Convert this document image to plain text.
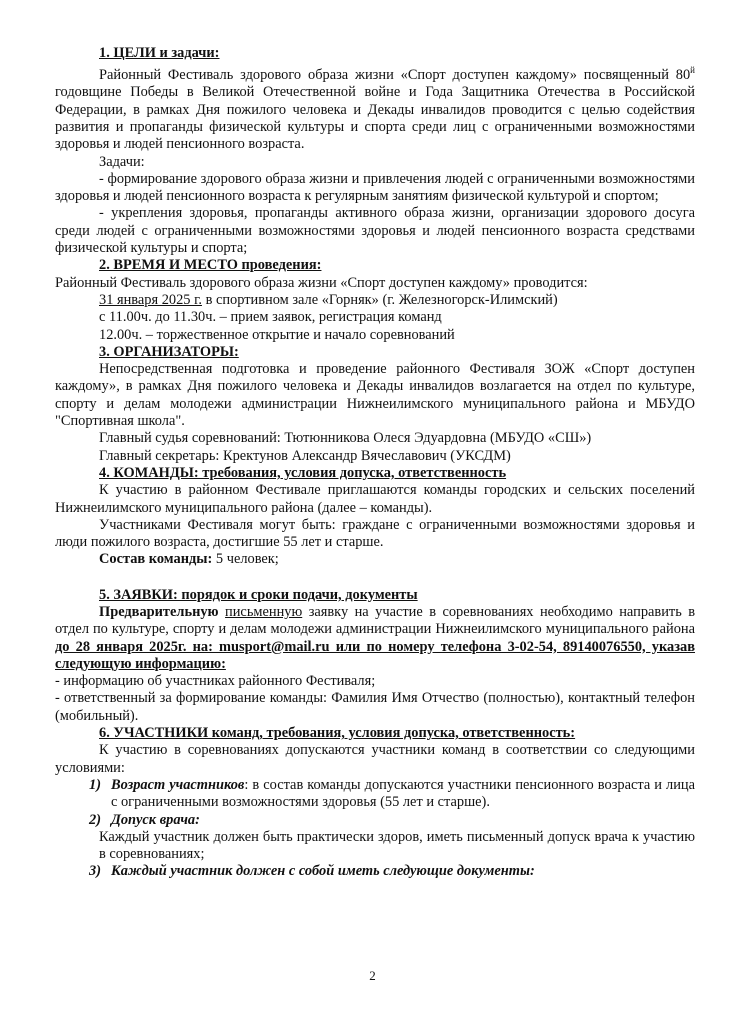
1. ЦЕЛИ и задачи:

Районный Фестиваль здорового образа жизни «Спорт доступен каждому» посвященный $80^й$ годовщине Победы в Великой Отечественной войне и Года Защитника Отечества в Российской Федерации, в рамках Дня пожилого человека и Декады инвалидов проводится с целью содействия развития и пропаганды физической культуры и спорта среди лиц с ограниченными возможностями здоровья и людей пенсионного возраста.

Задачи:

- формирование здорового образа жизни и привлечения людей с ограниченными возможностями здоровья и людей пенсионного возраста к регулярным занятиям физической культурой и спортом;

- укрепления здоровья, пропаганды активного образа жизни, организации здорового досуга среди людей с ограниченными возможностями здоровья и людей пенсионного возраста средствами физической культуры и спорта;

2. ВРЕМЯ И МЕСТО проведения:

Районный Фестиваль здорового образа жизни «Спорт доступен каждому» проводится:

31 января 2025 г. в спортивном зале «Горняк» (г. Железногорск-Илимский)

с 11.00ч. до 11.30ч. – прием заявок, регистрация команд

12.00ч. – торжественное открытие и начало соревнований

3. ОРГАНИЗАТОРЫ:

Непосредственная подготовка и проведение районного Фестиваля ЗОЖ «Спорт доступен каждому», в рамках Дня пожилого человека и Декады инвалидов возлагается на отдел по культуре, спорту и делам молодежи администрации Нижнеилимского муниципального района и МБУДО "Спортивная школа".

Главный судья соревнований: Тютюнникова Олеся Эдуардовна (МБУДО «СШ»)

Главный секретарь: Кректунов Александр Вячеславович (УКСДМ)

4. КОМАНДЫ: требования, условия допуска, ответственность

К участию в районном Фестивале приглашаются команды городских и сельских поселений Нижнеилимского муниципального района (далее – команды).

Участниками Фестиваля могут быть: граждане с ограниченными возможностями здоровья и люди пожилого возраста, достигшие 55 лет и старше.

Состав команды: 5 человек;

5. ЗАЯВКИ: порядок и сроки подачи, документы

Предварительную письменную заявку на участие в соревнованиях необходимо направить в отдел по культуре, спорту и делам молодежи администрации Нижнеилимского муниципального района до 28 января 2025г. на: musport@mail.ru или по номеру телефона 3-02-54, 89140076550, указав следующую информацию:

- информацию об участниках районного Фестиваля;

- ответственный за формирование команды: Фамилия Имя Отчество (полностью), контактный телефон (мобильный).

6. УЧАСТНИКИ команд, требования, условия допуска, ответственность:

К участию в соревнованиях допускаются участники команд в соответствии со следующими условиями:

1) Возраст участников: в состав команды допускаются участники пенсионного возраста и лица с ограниченными возможностями здоровья (55 лет и старше).

2) Допуск врача:

Каждый участник должен быть практически здоров, иметь письменный допуск врача к участию в соревнованиях;

3) Каждый участник должен с собой иметь следующие документы:

2
